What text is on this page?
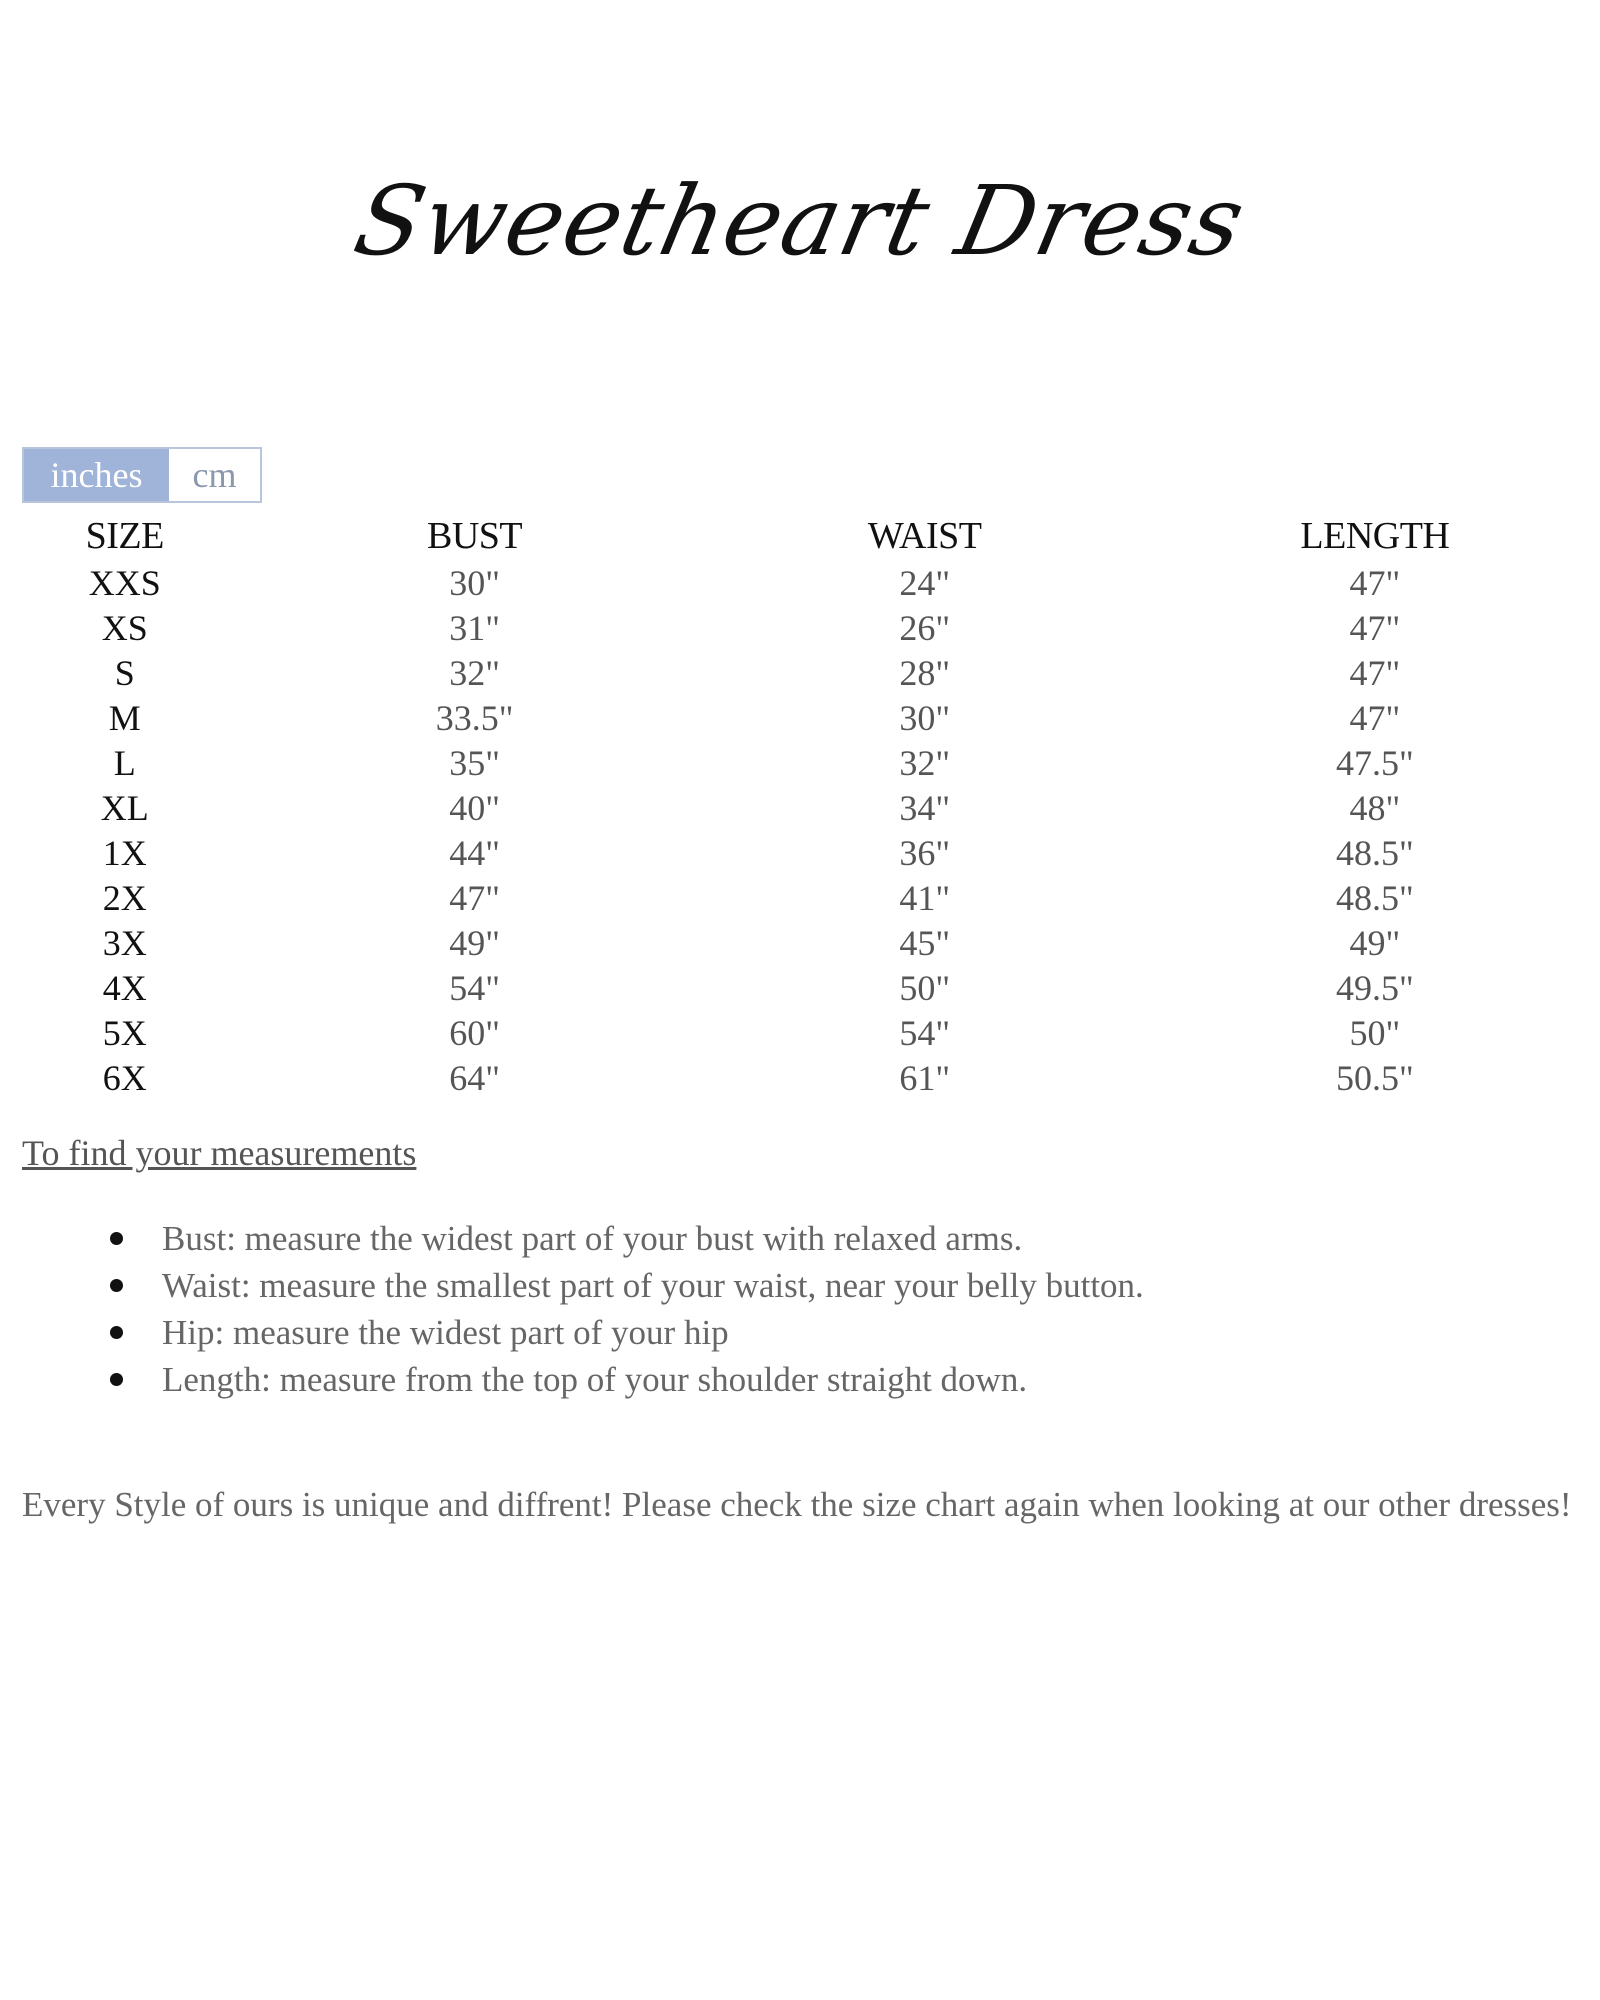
Sweetheart Dress
inches	cm
SIZE	BUST	WAIST	LENGTH
XXS	30"	24"	47"
XS	31"	26"	47"
S	32"	28"	47"
M	33.5"	30"	47"
L	35"	32"	47.5"
XL	40"	34"	48"
1X	44"	36"	48.5"
2X	47"	41"	48.5"
3X	49"	45"	49"
4X	54"	50"	49.5"
5X	60"	54"	50"
6X	64"	61"	50.5"
To find your measurements
Bust: measure the widest part of your bust with relaxed arms.
Waist: measure the smallest part of your waist, near your belly button.
Hip: measure the widest part of your hip
Length: measure from the top of your shoulder straight down.
Every Style of ours is unique and diffrent! Please check the size chart again when looking at our other dresses!
